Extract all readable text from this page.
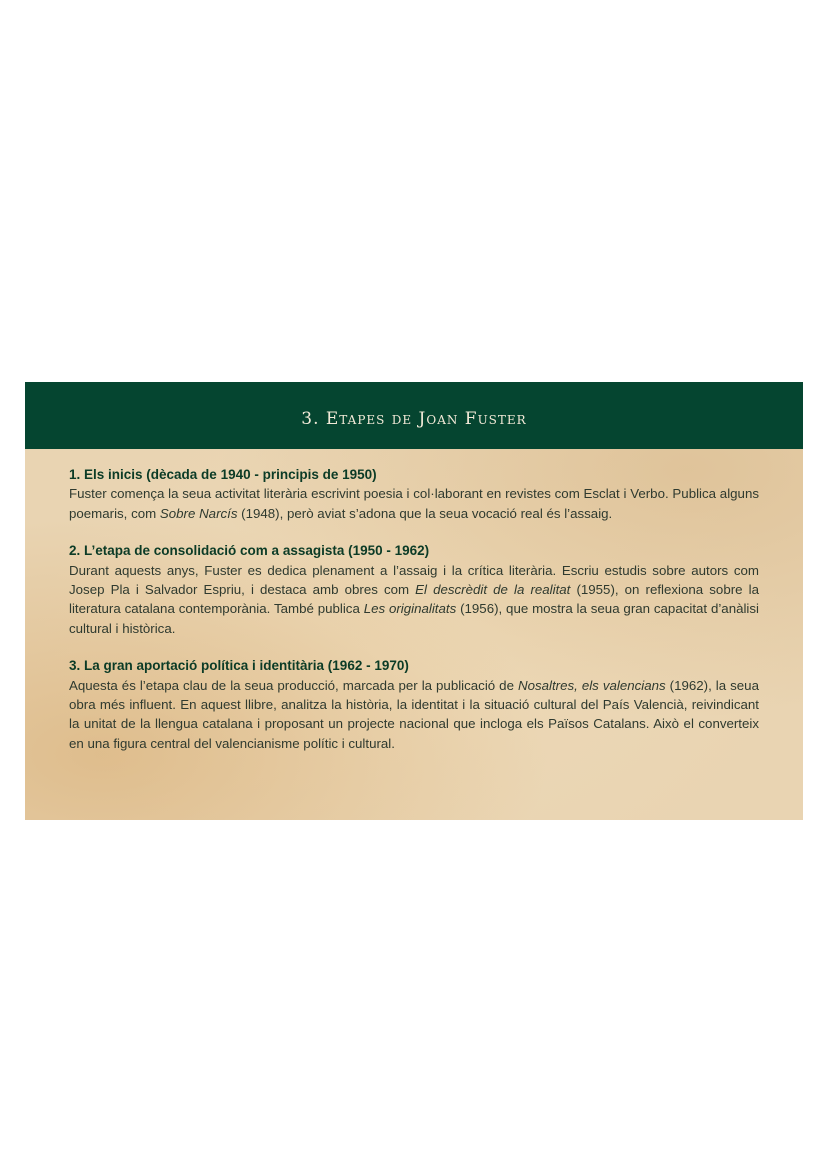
3. Etapes de Joan Fuster
1. Els inicis (dècada de 1940 - principis de 1950)

Fuster comença la seua activitat literària escrivint poesia i col·laborant en revistes com Esclat i Verbo. Publica alguns poemaris, com Sobre Narcís (1948), però aviat s’adona que la seua vocació real és l’assaig.

2. L’etapa de consolidació com a assagista (1950 - 1962)

Durant aquests anys, Fuster es dedica plenament a l’assaig i la crítica literària. Escriu estudis sobre autors com Josep Pla i Salvador Espriu, i destaca amb obres com El descrèdit de la realitat (1955), on reflexiona sobre la literatura catalana contemporània. També publica Les originalitats (1956), que mostra la seua gran capacitat d’anàlisi cultural i històrica.

3. La gran aportació política i identitària (1962 - 1970)

Aquesta és l’etapa clau de la seua producció, marcada per la publicació de Nosaltres, els valencians (1962), la seua obra més influent. En aquest llibre, analitza la història, la identitat i la situació cultural del País Valencià, reivindicant la unitat de la llengua catalana i proposant un projecte nacional que incloga els Països Catalans. Això el converteix en una figura central del valencianisme polític i cultural.
